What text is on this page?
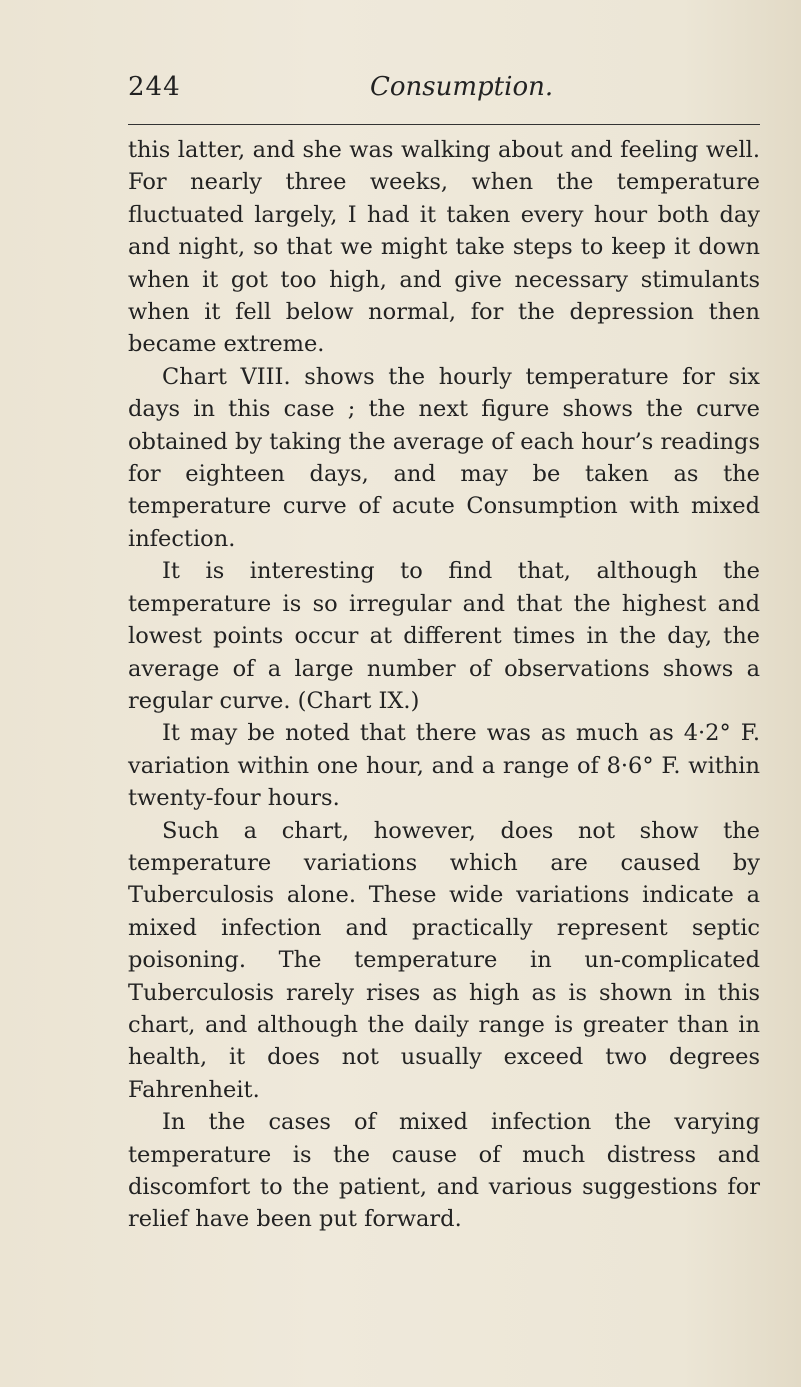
244	Consumption.

this latter, and she was walking about and feeling well. For nearly three weeks, when the temperature fluctuated largely, I had it taken every hour both day and night, so that we might take steps to keep it down when it got too high, and give necessary stimulants when it fell below normal, for the depression then became extreme.

Chart VIII. shows the hourly temperature for six days in this case ; the next figure shows the curve obtained by taking the average of each hour’s readings for eighteen days, and may be taken as the temperature curve of acute Consumption with mixed infection.

It is interesting to find that, although the temperature is so irregular and that the highest and lowest points occur at different times in the day, the average of a large number of observations shows a regular curve. (Chart IX.)

It may be noted that there was as much as 4·2° F. variation within one hour, and a range of 8·6° F. within twenty-four hours.

Such a chart, however, does not show the temperature variations which are caused by Tuberculosis alone. These wide variations indicate a mixed infection and practically represent septic poisoning. The temperature in un-complicated Tuberculosis rarely rises as high as is shown in this chart, and although the daily range is greater than in health, it does not usually exceed two degrees Fahrenheit.

In the cases of mixed infection the varying temperature is the cause of much distress and discomfort to the patient, and various suggestions for relief have been put forward.
